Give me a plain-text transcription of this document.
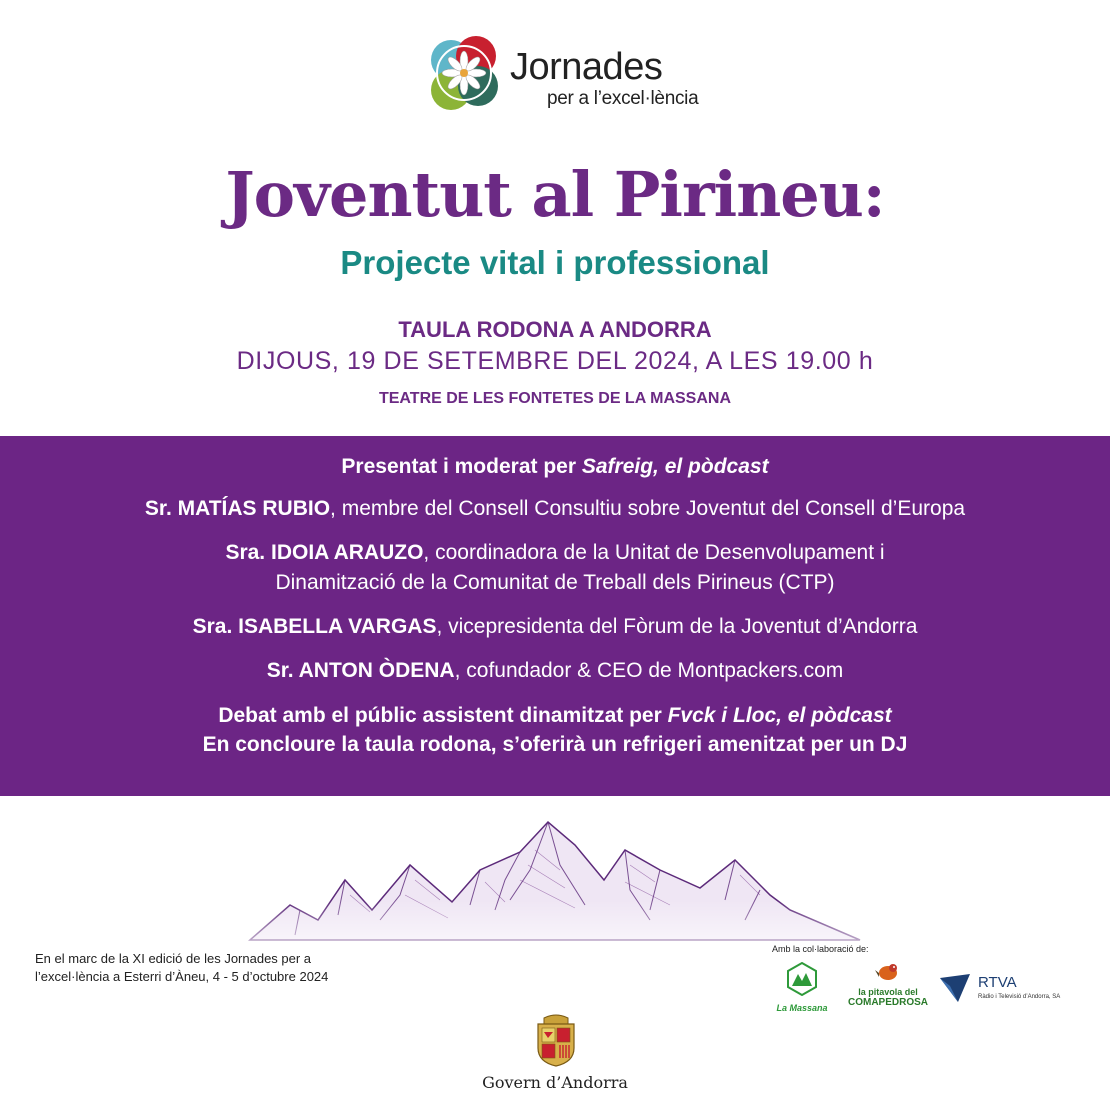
Jornades
per a l’excel·lència
Joventut al Pirineu:
Projecte vital i professional
TAULA RODONA A ANDORRA
DIJOUS, 19 DE SETEMBRE DEL 2024, A LES 19.00 h
TEATRE DE LES FONTETES DE LA MASSANA
Presentat i moderat per Safreig, el pòdcast
Sr. MATÍAS RUBIO, membre del Consell Consultiu sobre Joventut del Consell d’Europa
Sra. IDOIA ARAUZO, coordinadora de la Unitat de Desenvolupament i
Dinamització de la Comunitat de Treball dels Pirineus (CTP)
Sra. ISABELLA VARGAS, vicepresidenta del Fòrum de la Joventut d’Andorra
Sr. ANTON ÒDENA, cofundador & CEO de Montpackers.com
Debat amb el públic assistent dinamitzat per Fvck i Lloc, el pòdcast
En concloure la taula rodona, s’oferirà un refrigeri amenitzat per un DJ
En el marc de la XI edició de les Jornades per a
l’excel·lència a Esterri d’Àneu, 4 - 5 d’octubre 2024
Amb la col·laboració de:
La Massana
la pitavola del
COMAPEDROSA
RTVA
Ràdio i Televisió d’Andorra, SA
Govern d’Andorra
